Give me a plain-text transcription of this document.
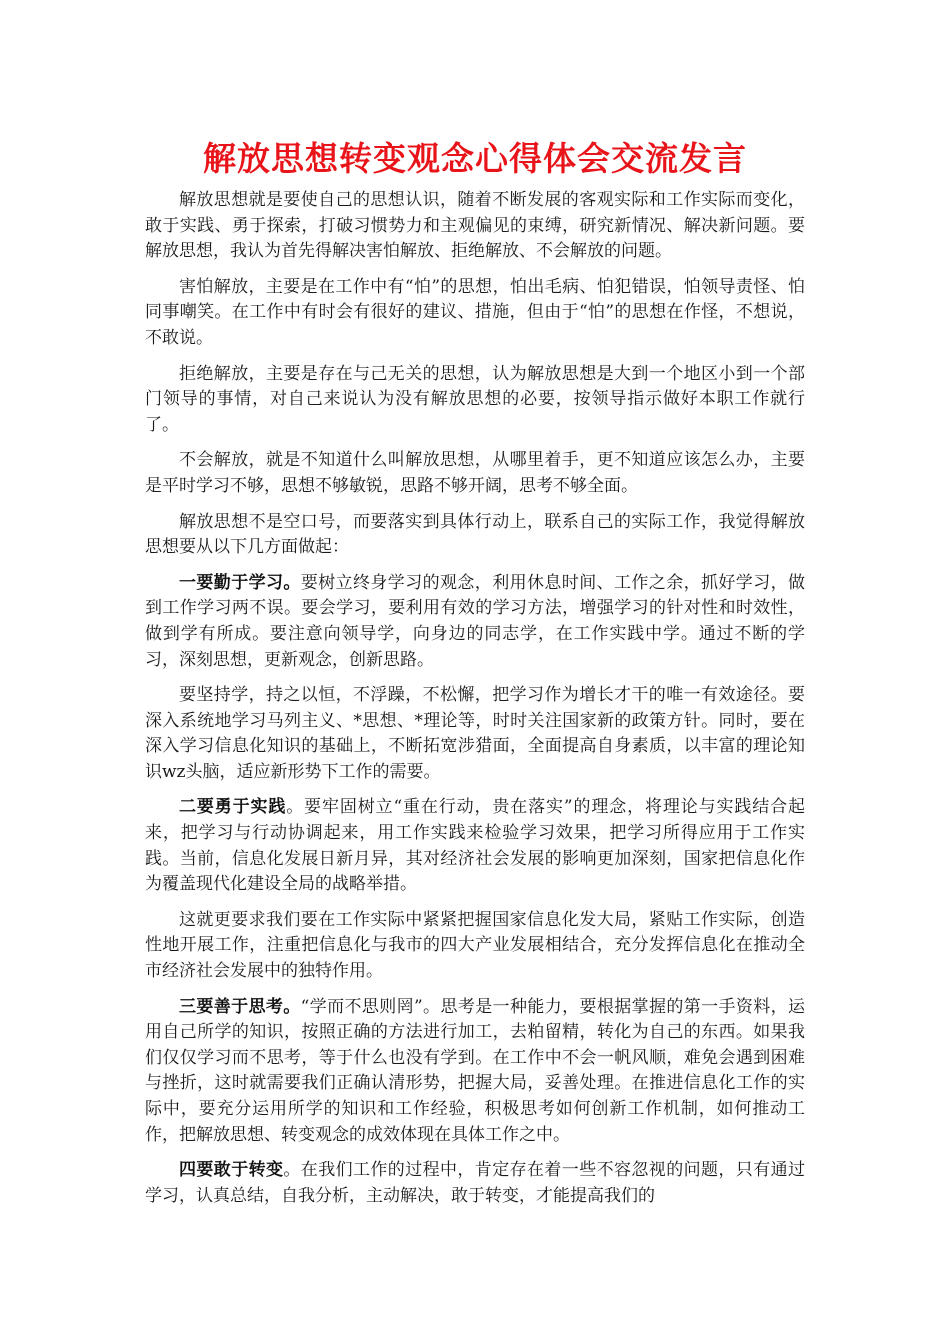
解放思想转变观念心得体会交流发言

解放思想就是要使自己的思想认识，随着不断发展的客观实际和工作实际而变化，敢于实践、勇于探索，打破习惯势力和主观偏见的束缚，研究新情况、解决新问题。要解放思想，我认为首先得解决害怕解放、拒绝解放、不会解放的问题。

害怕解放，主要是在工作中有“怕”的思想，怕出毛病、怕犯错误，怕领导责怪、怕同事嘲笑。在工作中有时会有很好的建议、措施，但由于“怕”的思想在作怪，不想说，不敢说。

拒绝解放，主要是存在与己无关的思想，认为解放思想是大到一个地区小到一个部门领导的事情，对自己来说认为没有解放思想的必要，按领导指示做好本职工作就行了。

不会解放，就是不知道什么叫解放思想，从哪里着手，更不知道应该怎么办，主要是平时学习不够，思想不够敏锐，思路不够开阔，思考不够全面。

解放思想不是空口号，而要落实到具体行动上，联系自己的实际工作，我觉得解放思想要从以下几方面做起：

一要勤于学习。要树立终身学习的观念，利用休息时间、工作之余，抓好学习，做到工作学习两不误。要会学习，要利用有效的学习方法，增强学习的针对性和时效性，做到学有所成。要注意向领导学，向身边的同志学，在工作实践中学。通过不断的学习，深刻思想，更新观念，创新思路。

要坚持学，持之以恒，不浮躁，不松懈，把学习作为增长才干的唯一有效途径。要深入系统地学习马列主义、*思想、*理论等，时时关注国家新的政策方针。同时，要在深入学习信息化知识的基础上，不断拓宽涉猎面，全面提高自身素质，以丰富的理论知识wz头脑，适应新形势下工作的需要。

二要勇于实践。要牢固树立“重在行动，贵在落实”的理念，将理论与实践结合起来，把学习与行动协调起来，用工作实践来检验学习效果，把学习所得应用于工作实践。当前，信息化发展日新月异，其对经济社会发展的影响更加深刻，国家把信息化作为覆盖现代化建设全局的战略举措。

这就更要求我们要在工作实际中紧紧把握国家信息化发大局，紧贴工作实际，创造性地开展工作，注重把信息化与我市的四大产业发展相结合，充分发挥信息化在推动全市经济社会发展中的独特作用。

三要善于思考。“学而不思则罔”。思考是一种能力，要根据掌握的第一手资料，运用自己所学的知识，按照正确的方法进行加工，去粕留精，转化为自己的东西。如果我们仅仅学习而不思考，等于什么也没有学到。在工作中不会一帆风顺，难免会遇到困难与挫折，这时就需要我们正确认清形势，把握大局，妥善处理。在推进信息化工作的实际中，要充分运用所学的知识和工作经验，积极思考如何创新工作机制，如何推动工作，把解放思想、转变观念的成效体现在具体工作之中。

四要敢于转变。在我们工作的过程中，肯定存在着一些不容忽视的问题，只有通过学习，认真总结，自我分析，主动解决，敢于转变，才能提高我们的
